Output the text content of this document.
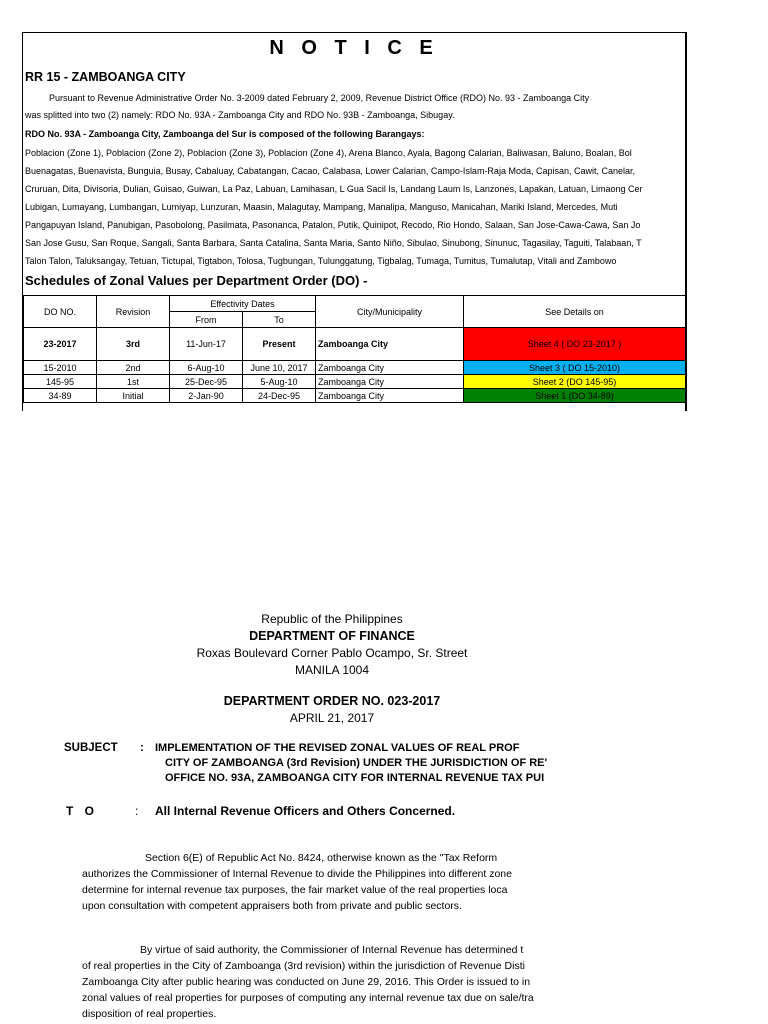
N O T I C E
RR 15 - ZAMBOANGA CITY
Pursuant to Revenue Administrative Order No. 3-2009 dated February 2, 2009, Revenue District Office (RDO) No. 93 - Zamboanga City
was splitted into two (2) namely: RDO No. 93A - Zamboanga City and RDO No. 93B - Zamboanga, Sibugay.
RDO No. 93A - Zamboanga City, Zamboanga del Sur is composed of the following Barangays:
Poblacion (Zone 1), Poblacion (Zone 2), Poblacion (Zone 3), Poblacion (Zone 4), Arena Blanco, Ayala, Bagong Calarian, Baliwasan, Baluno, Boalan, Bol
Buenagatas, Buenavista, Bunguia, Busay, Cabaluay, Cabatangan, Cacao, Calabasa, Lower Calarian, Campo-Islam-Raja Moda, Capisan, Cawit, Canelar,
Cruruan, Dita, Divisoria, Dulian, Guisao, Guiwan, La Paz, Labuan, Lamihasan, L Gua Sacil Is, Landang Laum Is, Lanzones, Lapakan, Latuan, Limaong Cer
Lubigan, Lumayang, Lumbangan, Lumiyap, Lunzuran, Maasin, Malagutay, Mampang, Manalipa, Manguso, Manicahan, Mariki Island, Mercedes, Muti
Pangapuyan Island, Panubigan, Pasobolong, Pasilmata, Pasonanca, Patalon, Putik, Quinipot, Recodo, Rio Hondo, Salaan, San Jose-Cawa-Cawa, San Jo
San Jose Gusu, San Roque, Sangali, Santa Barbara, Santa Catalina, Santa Maria, Santo Niño, Sibulao, Sinubong, Sinunuc, Tagasilay, Taguiti, Talabaan, T
Talon Talon, Taluksangay, Tetuan, Tictupal, Tigtabon, Tolosa, Tugbungan, Tulunggatung, Tigbalag, Tumaga, Tumitus, Tumalutap, Vitali and Zambowo
Schedules of Zonal Values per Department Order (DO) -
DO NO.	Revision	Effectivity Dates		City/Municipality	See Details on
		From	To		
23-2017	3rd	11-Jun-17	Present	Zamboanga City	Sheet 4 ( DO 23-2017 )
15-2010	2nd	6-Aug-10	June 10, 2017	Zamboanga City	Sheet 3 ( DO 15-2010)
145-95	1st	25-Dec-95	5-Aug-10	Zamboanga City	Sheet 2 (DO 145-95)
34-89	Initial	2-Jan-90	24-Dec-95	Zamboanga City	Sheet 1 (DO 34-89)
Republic of the Philippines
DEPARTMENT OF FINANCE
Roxas Boulevard Corner Pablo Ocampo, Sr. Street
MANILA 1004
DEPARTMENT ORDER NO. 023-2017
APRIL 21, 2017
SUBJECT : IMPLEMENTATION OF THE REVISED ZONAL VALUES OF REAL PROF
CITY OF ZAMBOANGA (3rd Revision) UNDER THE JURISDICTION OF RE'
OFFICE NO. 93A, ZAMBOANGA CITY FOR INTERNAL REVENUE TAX PUI
T O	: All Internal Revenue Officers and Others Concerned.
Section 6(E) of Republic Act No. 8424, otherwise known as the "Tax Reform
authorizes the Commissioner of Internal Revenue to divide the Philippines into different zone
determine for internal revenue tax purposes, the fair market value of the real properties loca
upon consultation with competent appraisers both from private and public sectors.
By virtue of said authority, the Commissioner of Internal Revenue has determined t
of real properties in the City of Zamboanga (3rd revision) within the jurisdiction of Revenue Disti
Zamboanga City after public hearing was conducted on June 29, 2016. This Order is issued to in
zonal values of real properties for purposes of computing any internal revenue tax due on sale/tra
disposition of real properties.
